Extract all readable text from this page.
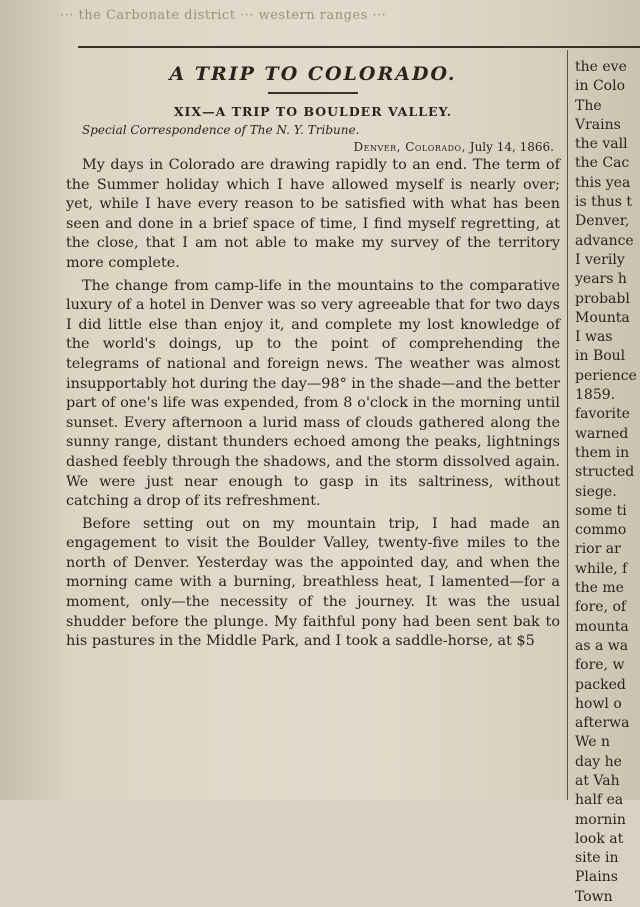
··· the Carbonate district ··· western ranges ···
A TRIP TO COLORADO.

XIX—A TRIP TO BOULDER VALLEY.

Special Correspondence of The N. Y. Tribune.

Denver, Colorado, July 14, 1866.

My days in Colorado are drawing rapidly to an end. The term of the Summer holiday which I have allowed myself is nearly over; yet, while I have every reason to be satisfied with what has been seen and done in a brief space of time, I find myself regretting, at the close, that I am not able to make my survey of the territory more complete.

The change from camp-life in the mountains to the comparative luxury of a hotel in Denver was so very agreeable that for two days I did little else than enjoy it, and complete my lost knowledge of the world's doings, up to the point of comprehending the telegrams of national and foreign news. The weather was almost insupportably hot during the day—98° in the shade—and the better part of one's life was expended, from 8 o'clock in the morning until sunset. Every afternoon a lurid mass of clouds gathered along the sunny range, distant thunders echoed among the peaks, lightnings dashed feebly through the shadows, and the storm dissolved again. We were just near enough to gasp in its saltriness, without catching a drop of its refreshment.

Before setting out on my mountain trip, I had made an engagement to visit the Boulder Valley, twenty-five miles to the north of Denver. Yesterday was the appointed day, and when the morning came with a burning, breathless heat, I lamented—for a moment, only—the necessity of the journey. It was the usual shudder before the plunge. My faithful pony had been sent bak to his pastures in the Middle Park, and I took a saddle-horse, at $5

the eve
in Colo
The
Vrains
the vall
the Cac
this yea
is thus t
Denver,
advance
I verily
years h
probabl
Mounta
I was
in Boul
perience
1859.
favorite
warned
them in
structed
siege.
some ti
commo
rior ar
while, f
the me
fore, of
mounta
as a wa
fore, w
packed
howl o
afterwa
We n
day he
at Vah
half ea
mornin
look at
site in
Plains
Town
